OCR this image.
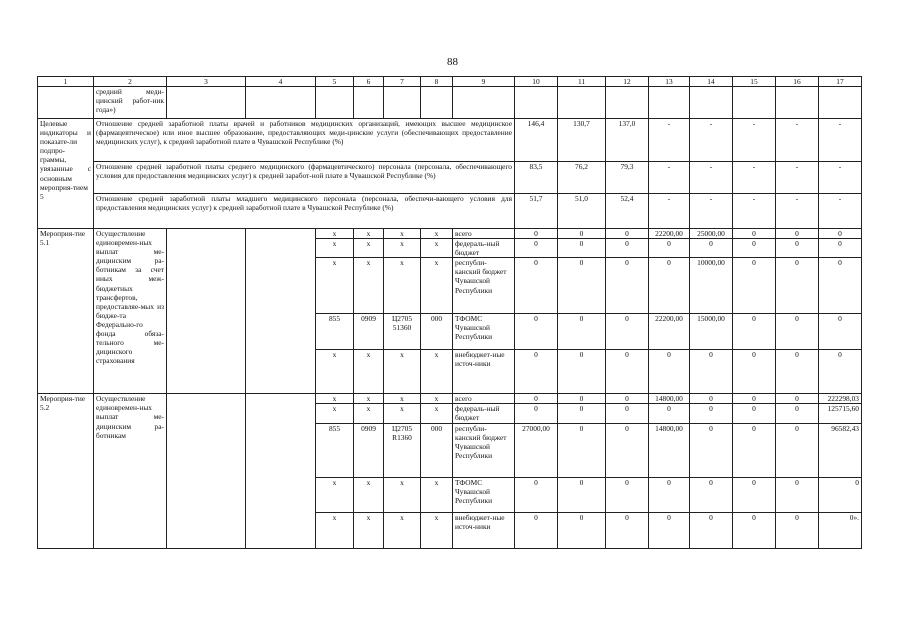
88
1	2	3	4	5	6	7	8	9	10	11	12	13	14	15	16	17
	средний меди-цинский работ-ник года»)															
Целевые индикаторы и показате-ли подпро-граммы, увязанные с основным мероприя-тием 5	Отношение средней заработной платы врачей и работников медицинских организаций, имеющих высшее медицинское (фармацевтическое) или иное высшее образование, предоставляющих меди-цинские услуги (обеспечивающих предоставление медицинских услуг), к средней заработной плате в Чувашской Республике (%)								146,4	130,7	137,0	-	-	-	-	-
	Отношение средней заработной платы среднего медицинского (фармацевтического) персонала (персонала, обеспечивающего условия для предоставления медицинских услуг) к средней заработ-ной плате в Чувашской Республике (%)								83,5	76,2	79,3	-	-	-	-	-
	Отношение средней заработной платы младшего медицинского персонала (персонала, обеспечи-вающего условия для предоставления медицинских услуг) к средней заработной плате в Чувашской Республике (%)								51,7	51,0	52,4	-	-	-	-	-
Мероприя-тие 5.1	Осуществление единовремен-ных выплат ме-дицинским ра-ботникам за счет иных меж-бюджетных трансфертов, предоставляе-мых из бюдже-та Федерально-го фонда обяза-тельного ме-дицинского страхования			x	x	x	x	всего	0	0	0	22200,00	25000,00	0	0	0
				x	x	x	x	федераль-ный бюджет	0	0	0	0	0	0	0	0
				x	x	x	x	республи-канский бюджет Чувашской Республики	0	0	0	0	10000,00	0	0	0
				855	0909	Ц2705 51360	000	ТФОМС Чувашской Республики	0	0	0	22200,00	15000,00	0	0	0
				x	x	x	x	внебюджет-ные источ-ники	0	0	0	0	0	0	0	0
Мероприя-тие 5.2	Осуществление единовремен-ных выплат ме-дицинским ра-ботникам			x	x	x	x	всего	0	0	0	14800,00	0	0	0	222298,03
				x	x	x	x	федераль-ный бюджет	0	0	0	0	0	0	0	125715,60
				855	0909	Ц2705 R1360	000	республи-канский бюджет Чувашской Республики	27000,00	0	0	14800,00	0	0	0	96582,43
				x	x	x	x	ТФОМС Чувашской Республики	0	0	0	0	0	0	0	0
				x	x	x	x	внебюджет-ные источ-ники	0	0	0	0	0	0	0	0».
